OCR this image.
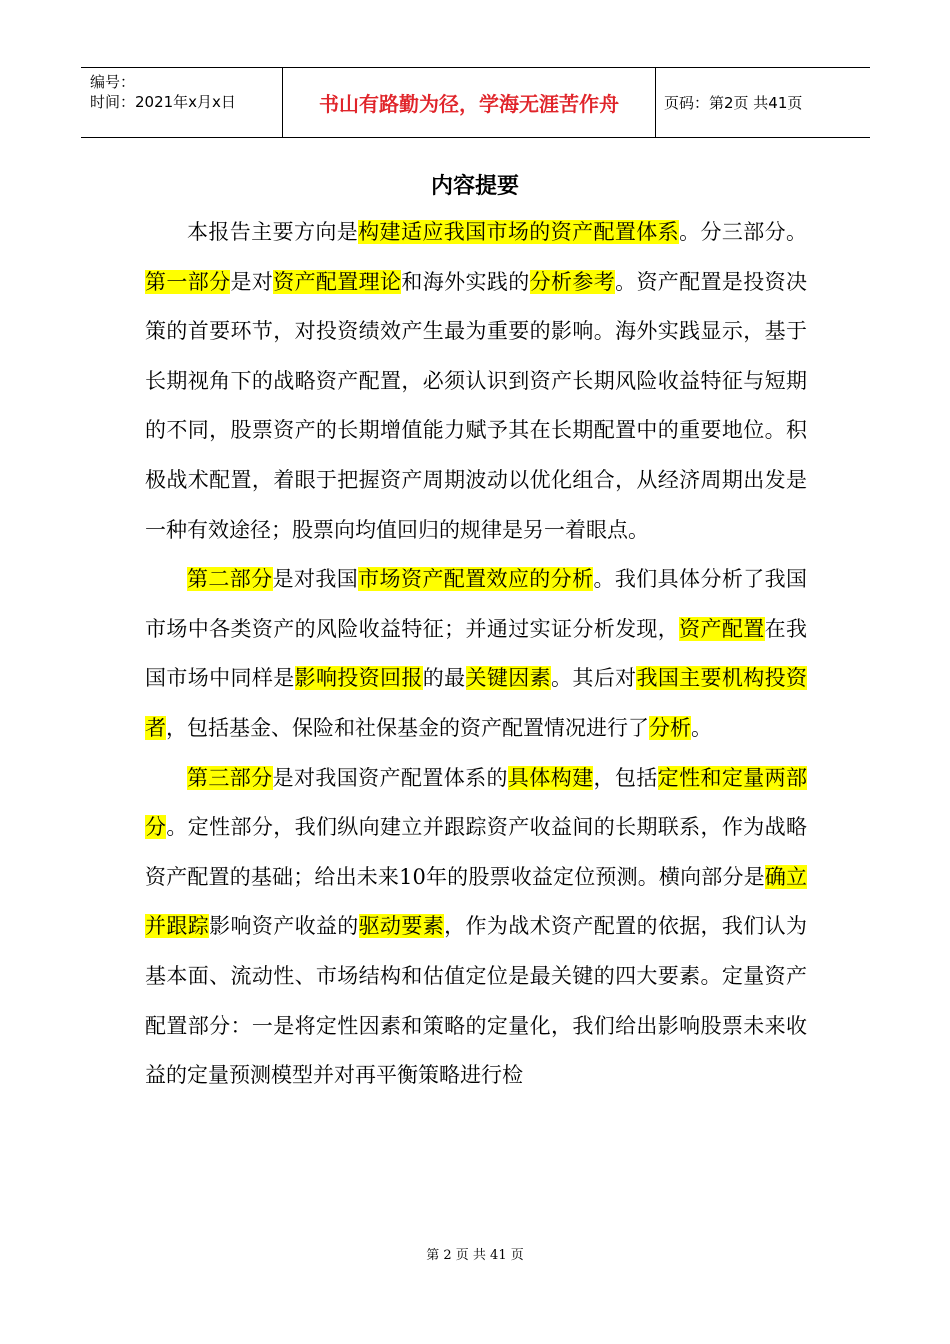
编号：
时间：2021年x月x日	书山有路勤为径，学海无涯苦作舟	页码：第2页 共41页
内容提要

本报告主要方向是构建适应我国市场的资产配置体系。分三部分。第一部分是对资产配置理论和海外实践的分析参考。资产配置是投资决策的首要环节，对投资绩效产生最为重要的影响。海外实践显示，基于长期视角下的战略资产配置，必须认识到资产长期风险收益特征与短期的不同，股票资产的长期增值能力赋予其在长期配置中的重要地位。积极战术配置，着眼于把握资产周期波动以优化组合，从经济周期出发是一种有效途径；股票向均值回归的规律是另一着眼点。

第二部分是对我国市场资产配置效应的分析。我们具体分析了我国市场中各类资产的风险收益特征；并通过实证分析发现，资产配置在我国市场中同样是影响投资回报的最关键因素。其后对我国主要机构投资者，包括基金、保险和社保基金的资产配置情况进行了分析。

第三部分是对我国资产配置体系的具体构建，包括定性和定量两部分。定性部分，我们纵向建立并跟踪资产收益间的长期联系，作为战略资产配置的基础；给出未来10年的股票收益定位预测。横向部分是确立并跟踪影响资产收益的驱动要素，作为战术资产配置的依据，我们认为基本面、流动性、市场结构和估值定位是最关键的四大要素。定量资产配置部分：一是将定性因素和策略的定量化，我们给出影响股票未来收益的定量预测模型并对再平衡策略进行检

第 2 页 共 41 页
